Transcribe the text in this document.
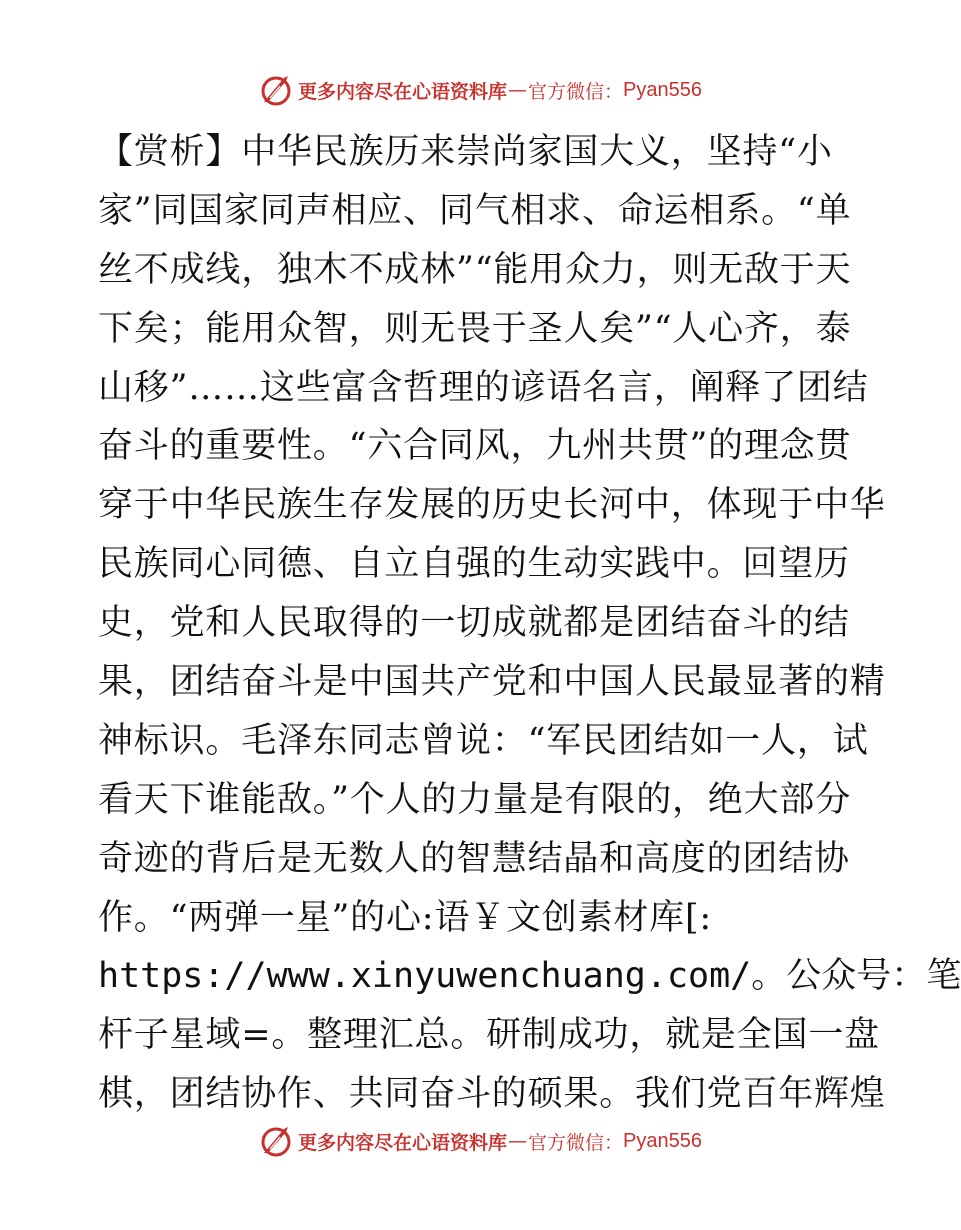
更多内容尽在心语资料库 — 官方微信： Pyan556
【赏析】中华民族历来崇尚家国大义，坚持“小
家”同国家同声相应、同气相求、命运相系。“单
丝不成线，独木不成林”“能用众力，则无敌于天
下矣；能用众智，则无畏于圣人矣”“人心齐，泰
山移”……这些富含哲理的谚语名言，阐释了团结
奋斗的重要性。“六合同风，九州共贯”的理念贯
穿于中华民族生存发展的历史长河中，体现于中华
民族同心同德、自立自强的生动实践中。回望历
史，党和人民取得的一切成就都是团结奋斗的结
果，团结奋斗是中国共产党和中国人民最显著的精
神标识。毛泽东同志曾说：“军民团结如一人，试
看天下谁能敌。”个人的力量是有限的，绝大部分
奇迹的背后是无数人的智慧结晶和高度的团结协
作。“两弹一星”的心:语￥文创素材库[:
https://www.xinyuwenchuang.com/。公众号：笔
杆子星域=。整理汇总。研制成功，就是全国一盘
棋，团结协作、共同奋斗的硕果。我们党百年辉煌
更多内容尽在心语资料库 — 官方微信： Pyan556
